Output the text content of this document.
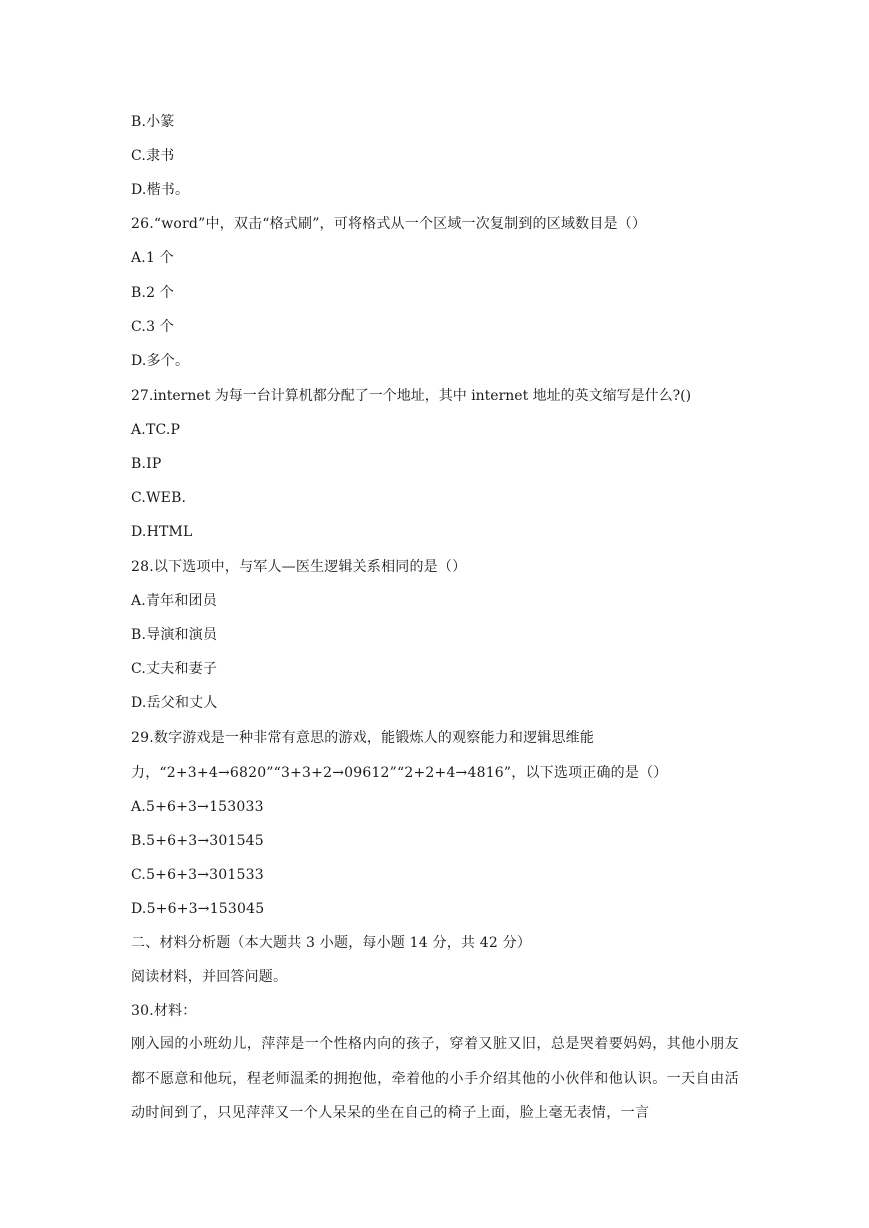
B.小篆
C.隶书
D.楷书。
26.“word”中，双击“格式刷”，可将格式从一个区域一次复制到的区域数目是（）
A.1 个
B.2 个
C.3 个
D.多个。
27.internet 为每一台计算机都分配了一个地址，其中 internet 地址的英文缩写是什么?()
A.TC.P
B.IP
C.WEB.
D.HTML
28.以下选项中，与军人—医生逻辑关系相同的是（）
A.青年和团员
B.导演和演员
C.丈夫和妻子
D.岳父和丈人
29.数字游戏是一种非常有意思的游戏，能锻炼人的观察能力和逻辑思维能力，“2+3+4→6820”“3+3+2→09612”“2+2+4→4816”，以下选项正确的是（）
A.5+6+3→153033
B.5+6+3→301545
C.5+6+3→301533
D.5+6+3→153045
二、材料分析题（本大题共 3 小题，每小题 14 分，共 42 分）
阅读材料，并回答问题。
30.材料：
刚入园的小班幼儿，萍萍是一个性格内向的孩子，穿着又脏又旧，总是哭着要妈妈，其他小朋友都不愿意和他玩，程老师温柔的拥抱他，牵着他的小手介绍其他的小伙伴和他认识。一天自由活动时间到了，只见萍萍又一个人呆呆的坐在自己的椅子上面，脸上毫无表情，一言
